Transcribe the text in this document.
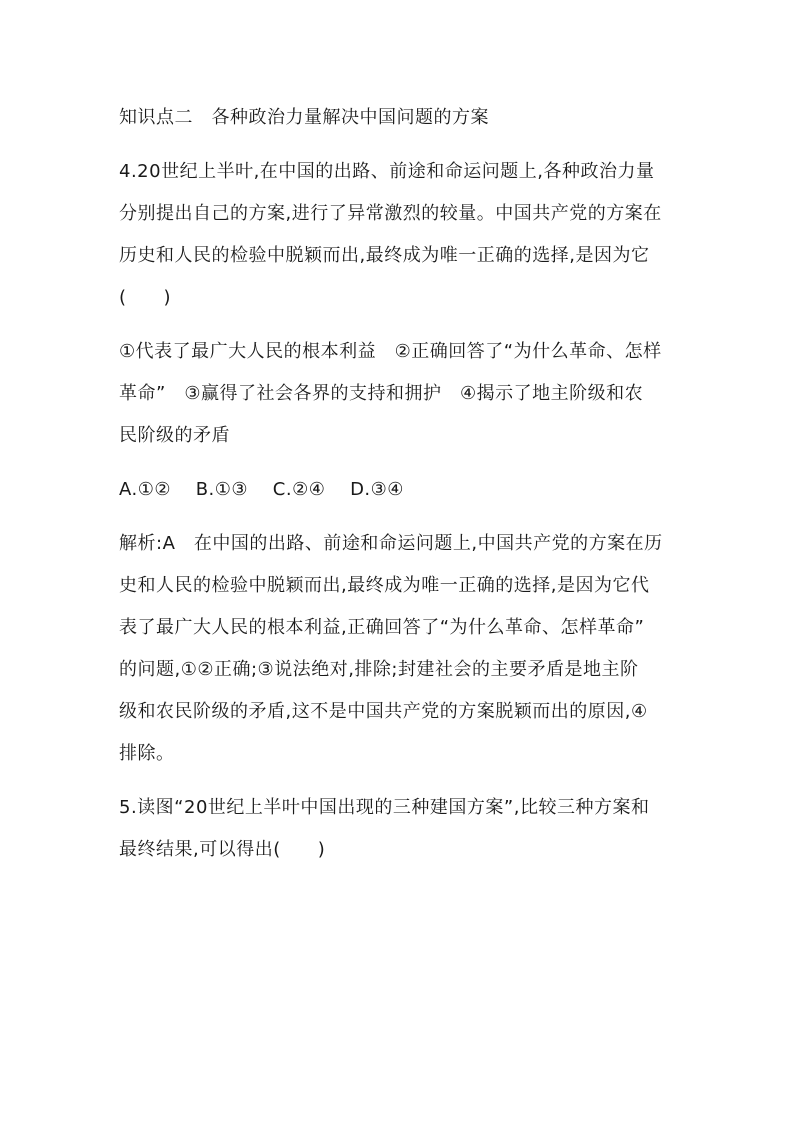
知识点二　各种政治力量解决中国问题的方案
4.20世纪上半叶,在中国的出路、前途和命运问题上,各种政治力量
分别提出自己的方案,进行了异常激烈的较量。中国共产党的方案在
历史和人民的检验中脱颖而出,最终成为唯一正确的选择,是因为它
(　　)
①代表了最广大人民的根本利益　②正确回答了“为什么革命、怎样
革命”　③赢得了社会各界的支持和拥护　④揭示了地主阶级和农
民阶级的矛盾
A.①②　 B.①③　 C.②④　 D.③④
解析:A　在中国的出路、前途和命运问题上,中国共产党的方案在历
史和人民的检验中脱颖而出,最终成为唯一正确的选择,是因为它代
表了最广大人民的根本利益,正确回答了“为什么革命、怎样革命”
的问题,①②正确;③说法绝对,排除;封建社会的主要矛盾是地主阶
级和农民阶级的矛盾,这不是中国共产党的方案脱颖而出的原因,④
排除。
5.读图“20世纪上半叶中国出现的三种建国方案”,比较三种方案和
最终结果,可以得出(　　)
